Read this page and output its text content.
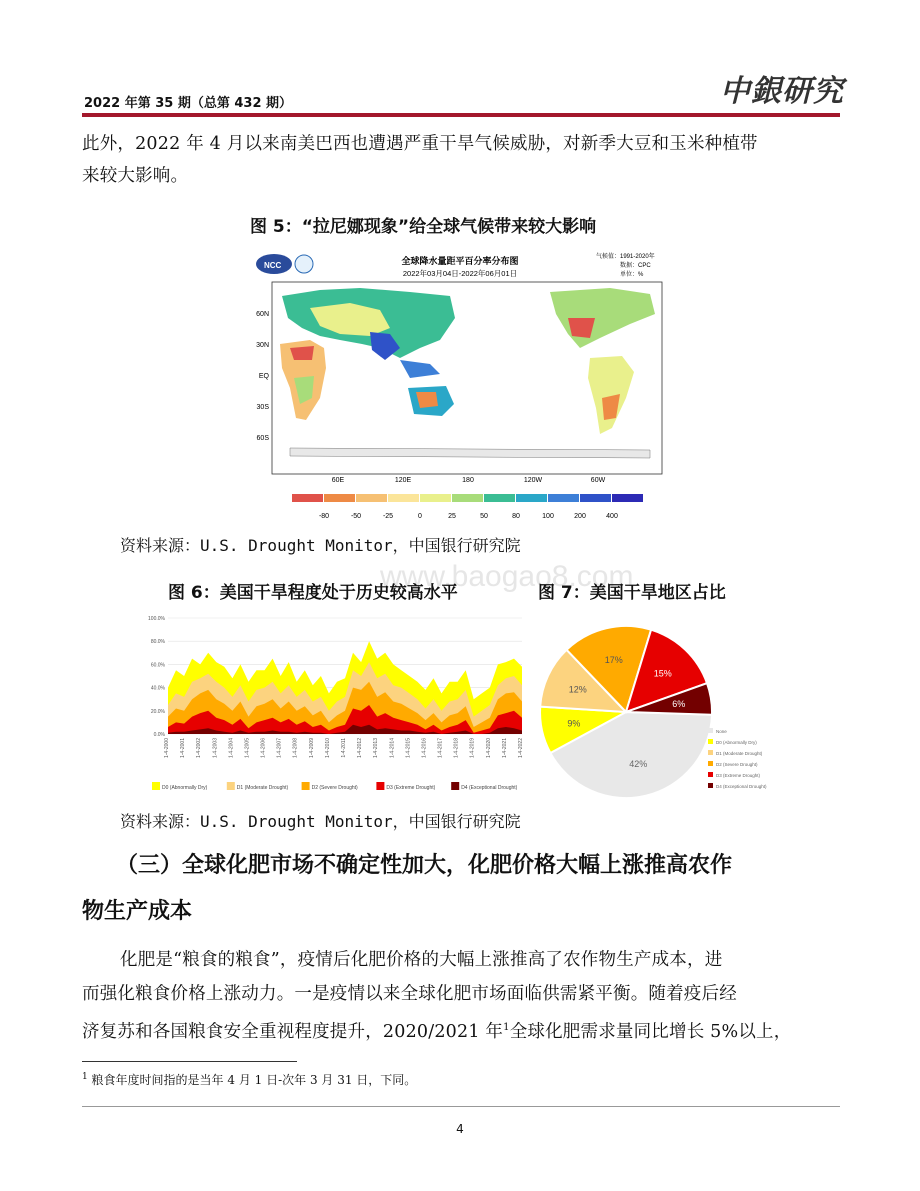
2022 年第 35 期（总第 432 期）	中銀研究
此外，2022 年 4 月以来南美巴西也遭遇严重干旱气候威胁，对新季大豆和玉米种植带
来较大影响。
图 5：“拉尼娜现象”给全球气候带来较大影响
NCC	全球降水量距平百分率分布图
2022年03月04日-2022年06月01日
气候值：1991-2020年
数据：CPC
单位：%
60N
30N
EQ
30S
60S
60E	120E	180	120W	60W
-80	-50	-25	0	25	50	80	100	200	400
资料来源：U.S. Drought Monitor，中国银行研究院
www.baogao8.com
图 6：美国干旱程度处于历史较高水平	图 7：美国干旱地区占比
100.0%
80.0%
60.0%
40.0%
20.0%
0.0%
1-4-2000 1-4-2001 1-4-2002 1-4-2003 1-4-2004 1-4-2005 1-4-2006 1-4-2007 1-4-2008 1-4-2009 1-4-2010 1-4-2011 1-4-2012 1-4-2013 1-4-2014 1-4-2015 1-4-2016 1-4-2017 1-4-2018 1-4-2019 1-4-2020 1-4-2021 1-4-2022
D0 (Abnormally Dry)	D1 (Moderate Drought)	D2 (Severe Drought)	D3 (Extreme Drought)	D4 (Exceptional Drought)
42%
9%
12%
17%
15%
6%
None
D0 (Abnormally Dry)
D1 (Moderate Drought)
D2 (Severe Drought)
D3 (Extreme Drought)
D4 (Exceptional Drought)
资料来源：U.S. Drought Monitor，中国银行研究院
（三）全球化肥市场不确定性加大，化肥价格大幅上涨推高农作
物生产成本
化肥是“粮食的粮食”，疫情后化肥价格的大幅上涨推高了农作物生产成本，进
而强化粮食价格上涨动力。一是疫情以来全球化肥市场面临供需紧平衡。随着疫后经
济复苏和各国粮食安全重视程度提升，2020/2021 年$^1$全球化肥需求量同比增长 5%以上，
$^1$ 粮食年度时间指的是当年 4 月 1 日-次年 3 月 31 日，下同。
4
